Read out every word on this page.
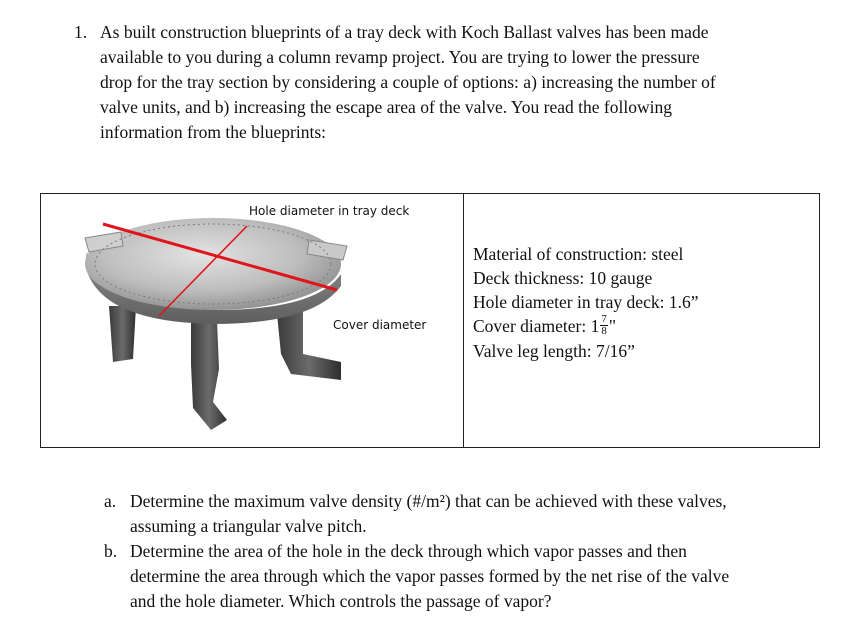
1. As built construction blueprints of a tray deck with Koch Ballast valves has been made
available to you during a column revamp project. You are trying to lower the pressure
drop for the tray section by considering a couple of options: a) increasing the number of
valve units, and b) increasing the escape area of the valve. You read the following
information from the blueprints:
Hole diameter in tray deck
Cover diameter
Material of construction: steel
Deck thickness: 10 gauge
Hole diameter in tray deck: 1.6”
Cover diameter: $1 \frac{7}{8}$ "
Valve leg length: 7/16”
a. Determine the maximum valve density (#/m²) that can be achieved with these valves,
assuming a triangular valve pitch.
b. Determine the area of the hole in the deck through which vapor passes and then
determine the area through which the vapor passes formed by the net rise of the valve
and the hole diameter. Which controls the passage of vapor?
